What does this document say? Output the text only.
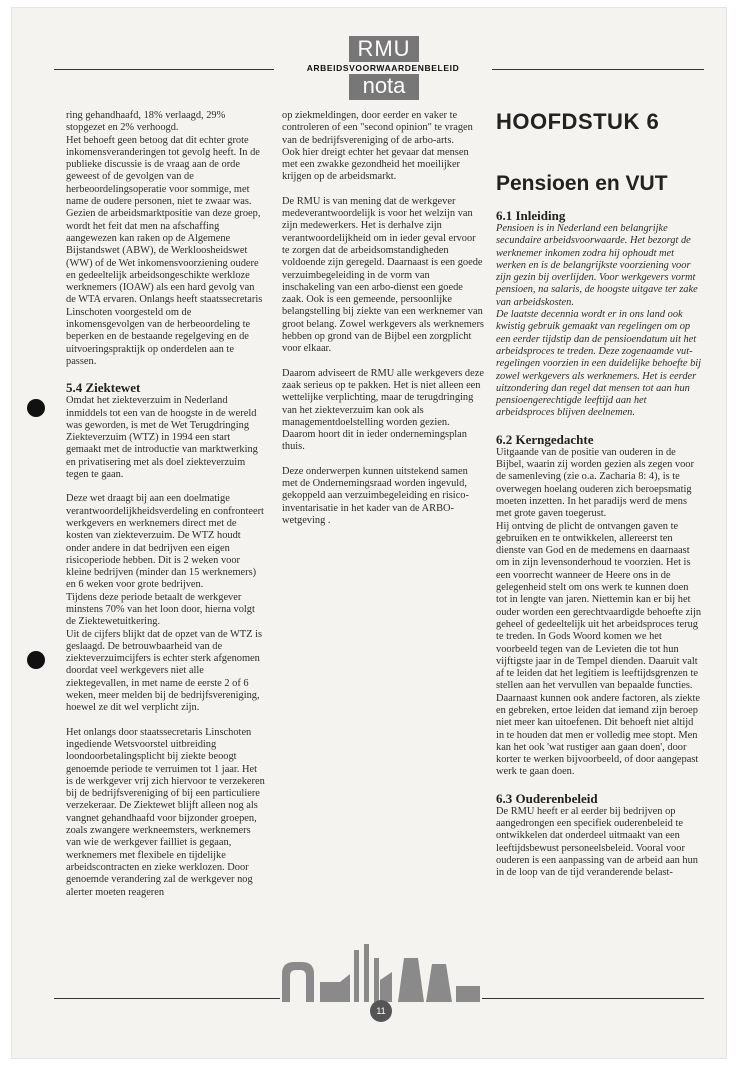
RMU
ARBEIDSVOORWAARDENBELEID
nota

ring gehandhaafd, 18% verlaagd, 29% stopgezet en 2% verhoogd.

Het behoeft geen betoog dat dit echter grote inkomensveranderingen tot gevolg heeft. In de publieke discussie is de vraag aan de orde geweest of de gevolgen van de herbeoordelingsoperatie voor sommige, met name de oudere personen, niet te zwaar was.

Gezien de arbeidsmarktpositie van deze groep, wordt het feit dat men na afschaffing aangewezen kan raken op de Algemene Bijstandswet (ABW), de Werkloosheidswet (WW) of de Wet inkomensvoorziening oudere en gedeeltelijk arbeidsongeschikte werkloze werknemers (IOAW) als een hard gevolg van de WTA ervaren. Onlangs heeft staatssecretaris Linschoten voorgesteld om de inkomensgevolgen van de herbeoordeling te beperken en de bestaande regelgeving en de uitvoeringspraktijk op onderdelen aan te passen.

5.4 Ziektewet

Omdat het ziekteverzuim in Nederland inmiddels tot een van de hoogste in de wereld was geworden, is met de Wet Terugdringing Ziekteverzuim (WTZ) in 1994 een start gemaakt met de introductie van marktwerking en privatisering met als doel ziekteverzuim tegen te gaan.

Deze wet draagt bij aan een doelmatige verantwoordelijkheidsverdeling en confronteert werkgevers en werknemers direct met de kosten van ziekteverzuim. De WTZ houdt onder andere in dat bedrijven een eigen risicoperiode hebben. Dit is 2 weken voor kleine bedrijven (minder dan 15 werknemers) en 6 weken voor grote bedrijven.

Tijdens deze periode betaalt de werkgever minstens 70% van het loon door, hierna volgt de Ziektewetuitkering.

Uit de cijfers blijkt dat de opzet van de WTZ is geslaagd. De betrouwbaarheid van de ziekteverzuimcijfers is echter sterk afgenomen doordat veel werkgevers niet alle ziektegevallen, in met name de eerste 2 of 6 weken, meer melden bij de bedrijfsvereniging, hoewel ze dit wel verplicht zijn.

Het onlangs door staatssecretaris Linschoten ingediende Wetsvoorstel uitbreiding loondoorbetalingsplicht bij ziekte beoogt genoemde periode te verruimen tot 1 jaar. Het is de werkgever vrij zich hiervoor te verzekeren bij de bedrijfsvereniging of bij een particuliere verzekeraar. De Ziektewet blijft alleen nog als vangnet gehandhaafd voor bijzonder groepen, zoals zwangere werkneemsters, werknemers van wie de werkgever failliet is gegaan, werknemers met flexibele en tijdelijke arbeidscontracten en zieke werklozen. Door genoemde verandering zal de werkgever nog alerter moeten reageren

op ziekmeldingen, door eerder en vaker te controleren of een "second opinion" te vragen van de bedrijfsvereniging of de arbo-arts.

Ook hier dreigt echter het gevaar dat mensen met een zwakke gezondheid het moeilijker krijgen op de arbeidsmarkt.

De RMU is van mening dat de werkgever medeverantwoordelijk is voor het welzijn van zijn medewerkers. Het is derhalve zijn verantwoordelijkheid om in ieder geval ervoor te zorgen dat de arbeidsomstandigheden voldoende zijn geregeld. Daarnaast is een goede verzuimbegeleiding in de vorm van inschakeling van een arbo-dienst een goede zaak. Ook is een gemeende, persoonlijke belangstelling bij ziekte van een werknemer van groot belang. Zowel werkgevers als werknemers hebben op grond van de Bijbel een zorgplicht voor elkaar.

Daarom adviseert de RMU alle werkgevers deze zaak serieus op te pakken. Het is niet alleen een wettelijke verplichting, maar de terugdringing van het ziekteverzuim kan ook als managementdoelstelling worden gezien. Daarom hoort dit in ieder ondernemingsplan thuis.

Deze onderwerpen kunnen uitstekend samen met de Ondernemingsraad worden ingevuld, gekoppeld aan verzuimbegeleiding en risico-inventarisatie in het kader van de ARBO-wetgeving .

HOOFDSTUK 6
Pensioen en VUT
6.1 Inleiding

Pensioen is in Nederland een belangrijke secundaire arbeidsvoorwaarde. Het bezorgt de werknemer inkomen zodra hij ophoudt met werken en is de belangrijkste voorziening voor zijn gezin bij overlijden. Voor werkgevers vormt pensioen, na salaris, de hoogste uitgave ter zake van arbeidskosten.

De laatste decennia wordt er in ons land ook kwistig gebruik gemaakt van regelingen om op een eerder tijdstip dan de pensioendatum uit het arbeidsproces te treden. Deze zogenaamde vut-regelingen voorzien in een duidelijke behoefte bij zowel werkgevers als werknemers. Het is eerder uitzondering dan regel dat mensen tot aan hun pensioengerechtigde leeftijd aan het arbeidsproces blijven deelnemen.

6.2 Kerngedachte

Uitgaande van de positie van ouderen in de Bijbel, waarin zij worden gezien als zegen voor de samenleving (zie o.a. Zacharia 8: 4), is te overwegen hoelang ouderen zich beroepsmatig moeten inzetten. In het paradijs werd de mens met grote gaven toegerust.

Hij ontving de plicht de ontvangen gaven te gebruiken en te ontwikkelen, allereerst ten dienste van God en de medemens en daarnaast om in zijn levensonderhoud te voorzien. Het is een voorrecht wanneer de Heere ons in de gelegenheid stelt om ons werk te kunnen doen tot in lengte van jaren. Niettemin kan er bij het ouder worden een gerechtvaardigde behoefte zijn geheel of gedeeltelijk uit het arbeidsproces terug te treden. In Gods Woord komen we het voorbeeld tegen van de Levieten die tot hun vijftigste jaar in de Tempel dienden. Daaruit valt af te leiden dat het legitiem is leeftijdsgrenzen te stellen aan het vervullen van bepaalde functies. Daarnaast kunnen ook andere factoren, als ziekte en gebreken, ertoe leiden dat iemand zijn beroep niet meer kan uitoefenen. Dit behoeft niet altijd in te houden dat men er volledig mee stopt. Men kan het ook 'wat rustiger aan gaan doen', door korter te werken bijvoorbeeld, of door aangepast werk te gaan doen.

6.3 Ouderenbeleid

De RMU heeft er al eerder bij bedrijven op aangedrongen een specifiek ouderenbeleid te ontwikkelen dat onderdeel uitmaakt van een leeftijdsbewust personeelsbeleid. Vooral voor ouderen is een aanpassing van de arbeid aan hun in de loop van de tijd veranderende belast-

11
